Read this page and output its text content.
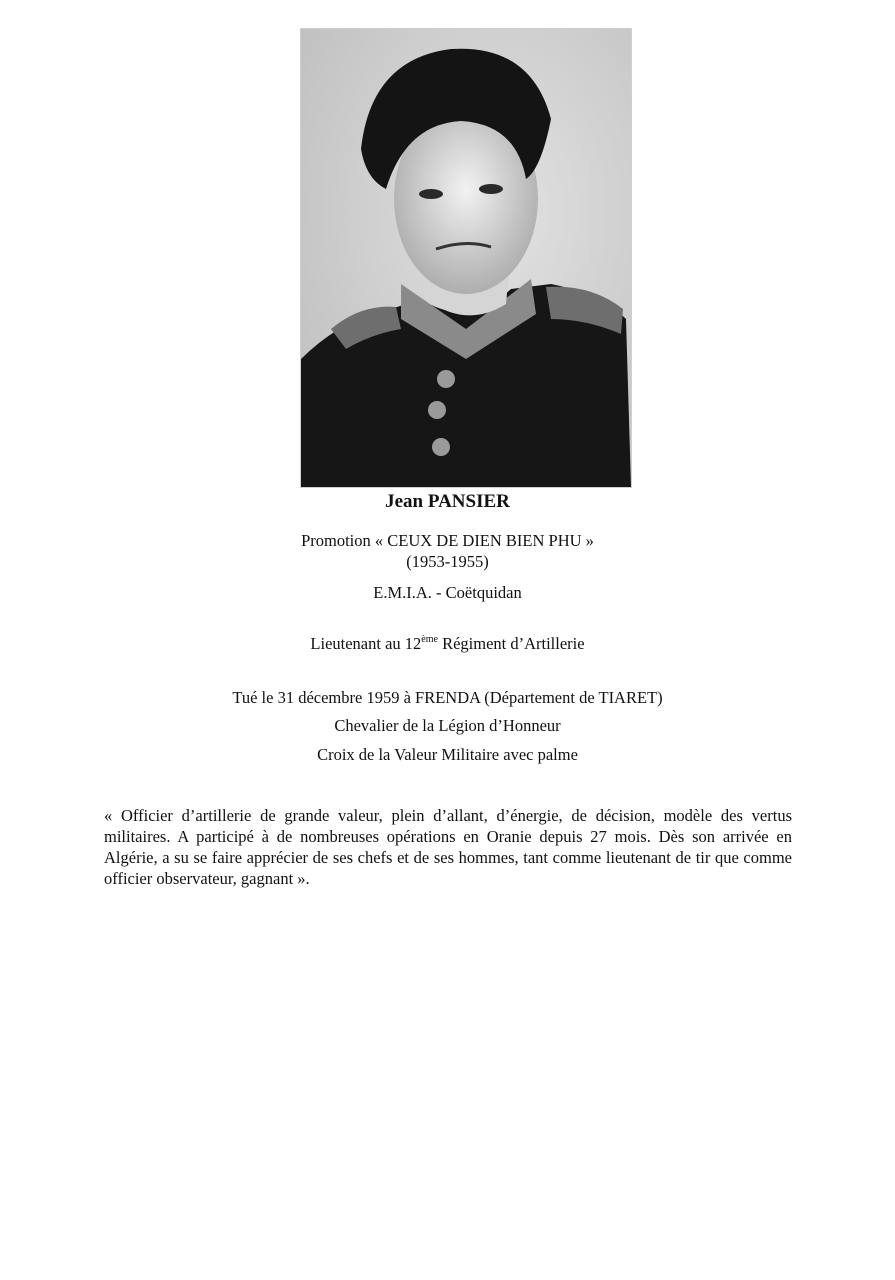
Jean PANSIER
Promotion « CEUX DE DIEN BIEN PHU »
(1953-1955)
E.M.I.A. - Coëtquidan
Lieutenant au 12ème Régiment d’Artillerie
Tué le 31 décembre 1959 à FRENDA (Département de TIARET)
Chevalier de la Légion d’Honneur
Croix de la Valeur Militaire avec palme
« Officier d’artillerie de grande valeur, plein d’allant, d’énergie, de décision, modèle des vertus militaires. A participé à de nombreuses opérations en Oranie depuis 27 mois. Dès son arrivée en Algérie, a su se faire apprécier de ses chefs et de ses hommes, tant comme lieutenant de tir que comme officier observateur, gagnant ».
